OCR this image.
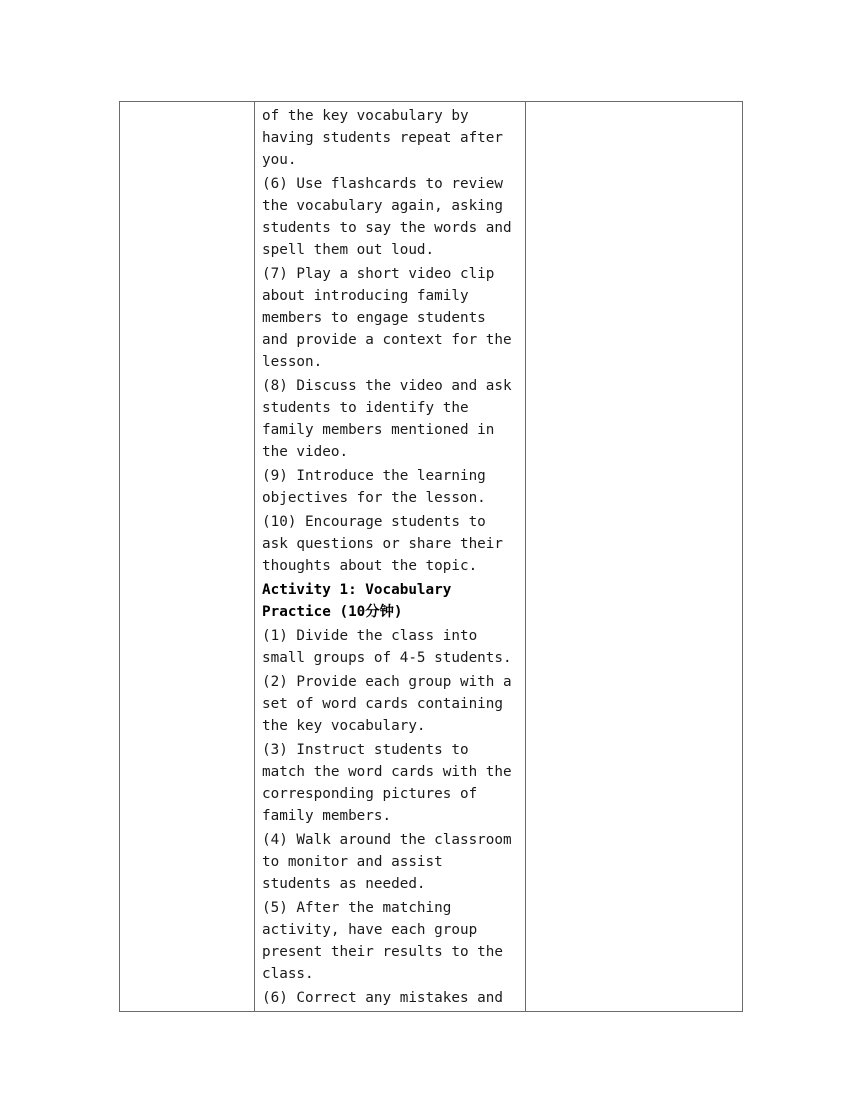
of the key vocabulary by having students repeat after you.

(6) Use flashcards to review the vocabulary again, asking students to say the words and spell them out loud.

(7) Play a short video clip about introducing family members to engage students and provide a context for the lesson.

(8) Discuss the video and ask students to identify the family members mentioned in the video.

(9) Introduce the learning objectives for the lesson.

(10) Encourage students to ask questions or share their thoughts about the topic.

Activity 1: Vocabulary Practice (10分钟)

(1) Divide the class into small groups of 4-5 students.

(2) Provide each group with a set of word cards containing the key vocabulary.

(3) Instruct students to match the word cards with the corresponding pictures of family members.

(4) Walk around the classroom to monitor and assist students as needed.

(5) After the matching activity, have each group present their results to the class.

(6) Correct any mistakes and
